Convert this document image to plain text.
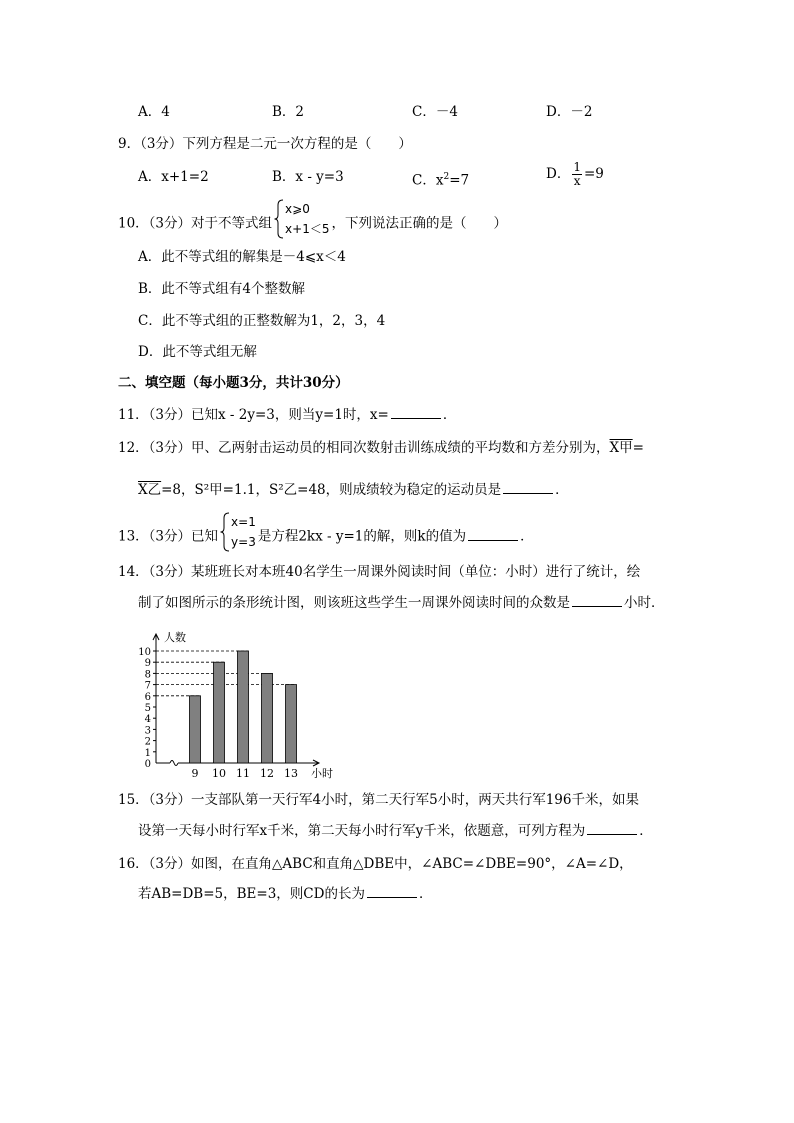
A．4	B．2	C．－4	D．－2
9．（3分）下列方程是二元一次方程的是（　　）
A．x+1=2	B．x - y=3	C．$x^2=7$	D． $\frac{1}{x} =9$
10．（3分）对于不等式组
x⩾0
x+1＜5 ，下列说法正确的是（　　）
A．此不等式组的解集是－4⩽x＜4
B．此不等式组有4个整数解
C．此不等式组的正整数解为1，2，3，4
D．此不等式组无解
二、填空题（每小题3分，共计30分）
11．（3分）已知x - 2y=3，则当y=1时，x=	．
12．（3分）甲、乙两射击运动员的相同次数射击训练成绩的平均数和方差分别为，X甲=
X乙=8，S²甲=1.1，S²乙=48，则成绩较为稳定的运动员是	．
13．（3分）已知
x=1
y=3 是方程2kx - y=1的解，则k的值为	．
14．（3分）某班班长对本班40名学生一周课外阅读时间（单位：小时）进行了统计，绘
制了如图所示的条形统计图，则该班这些学生一周课外阅读时间的众数是	小时．
0
1
2
3
4
5
6
7
8
9
10
人数
9 10 11 12 13 小时
15．（3分）一支部队第一天行军4小时，第二天行军5小时，两天共行军196千米，如果
设第一天每小时行军x千米，第二天每小时行军y千米，依题意，可列方程为	．
16．（3分）如图，在直角△ABC和直角△DBE中，∠ABC=∠DBE=90°，∠A=∠D，
若AB=DB=5，BE=3，则CD的长为	．
